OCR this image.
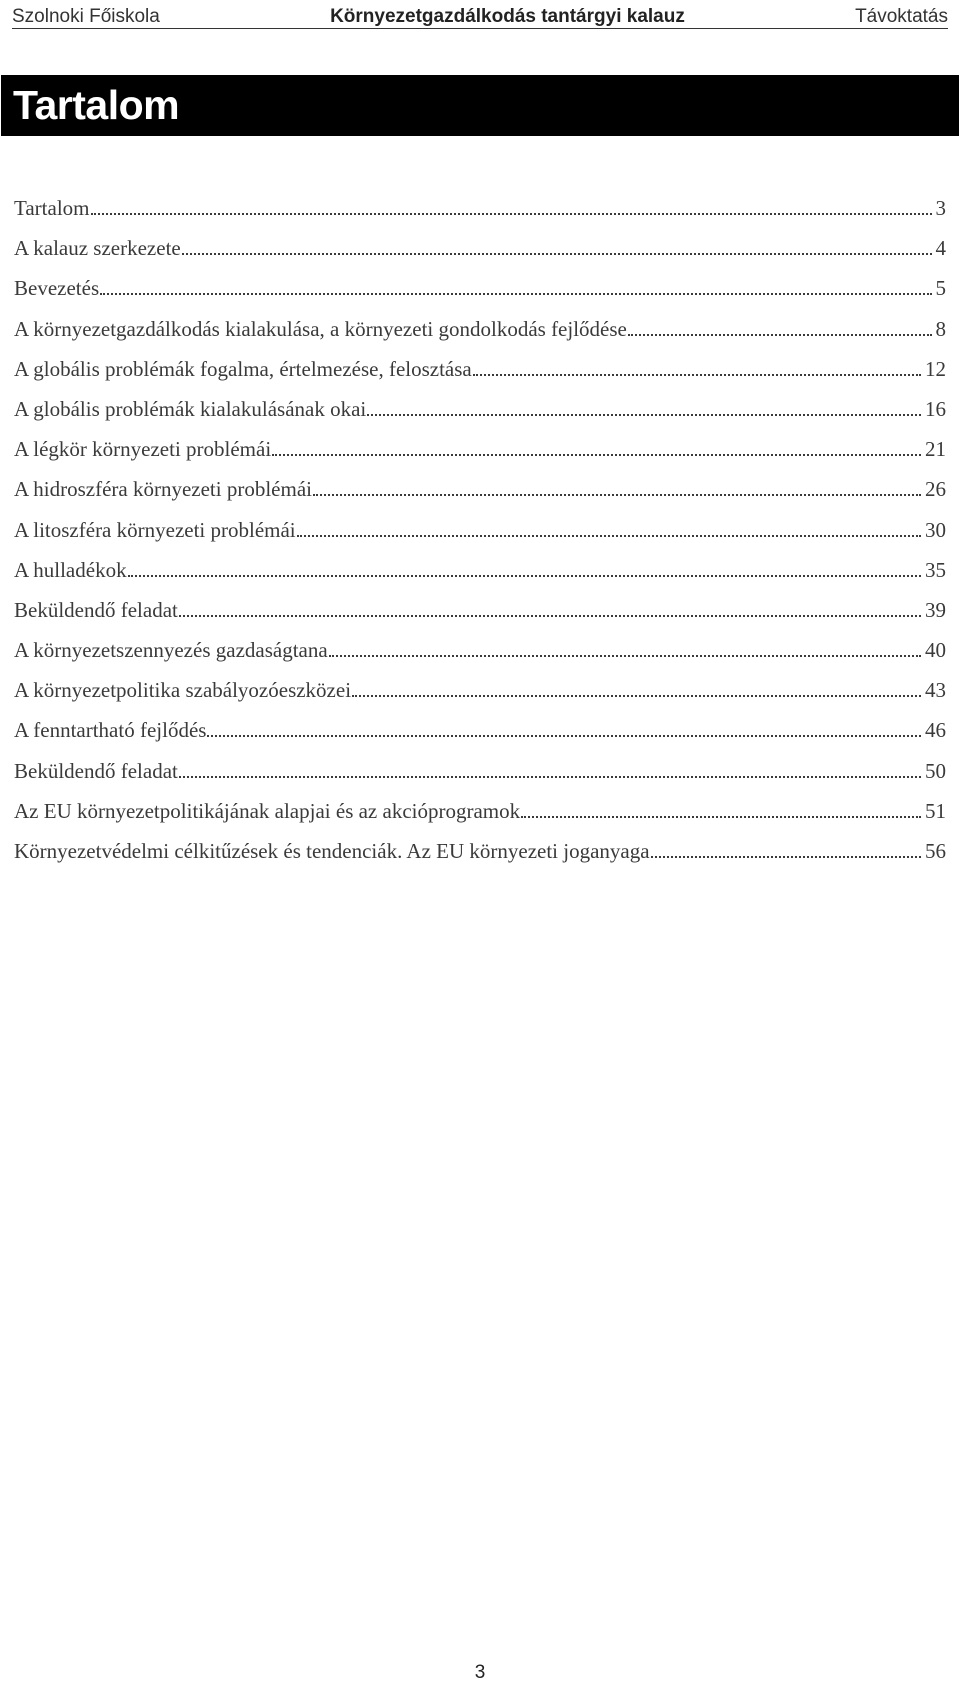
Szolnoki Főiskola	Környezetgazdálkodás tantárgyi kalauz	Távoktatás
Tartalom
Tartalom	3
A kalauz szerkezete	4
Bevezetés	5
A környezetgazdálkodás kialakulása, a környezeti gondolkodás fejlődése	8
A globális problémák fogalma, értelmezése, felosztása	12
A globális problémák kialakulásának okai	16
A légkör környezeti problémái	21
A hidroszféra környezeti problémái	26
A litoszféra környezeti problémái	30
A hulladékok	35
Beküldendő feladat	39
A környezetszennyezés gazdaságtana	40
A környezetpolitika szabályozóeszközei	43
A fenntartható fejlődés	46
Beküldendő feladat	50
Az EU környezetpolitikájának alapjai és az akcióprogramok	51
Környezetvédelmi célkitűzések és tendenciák. Az EU környezeti joganyaga	56
3
